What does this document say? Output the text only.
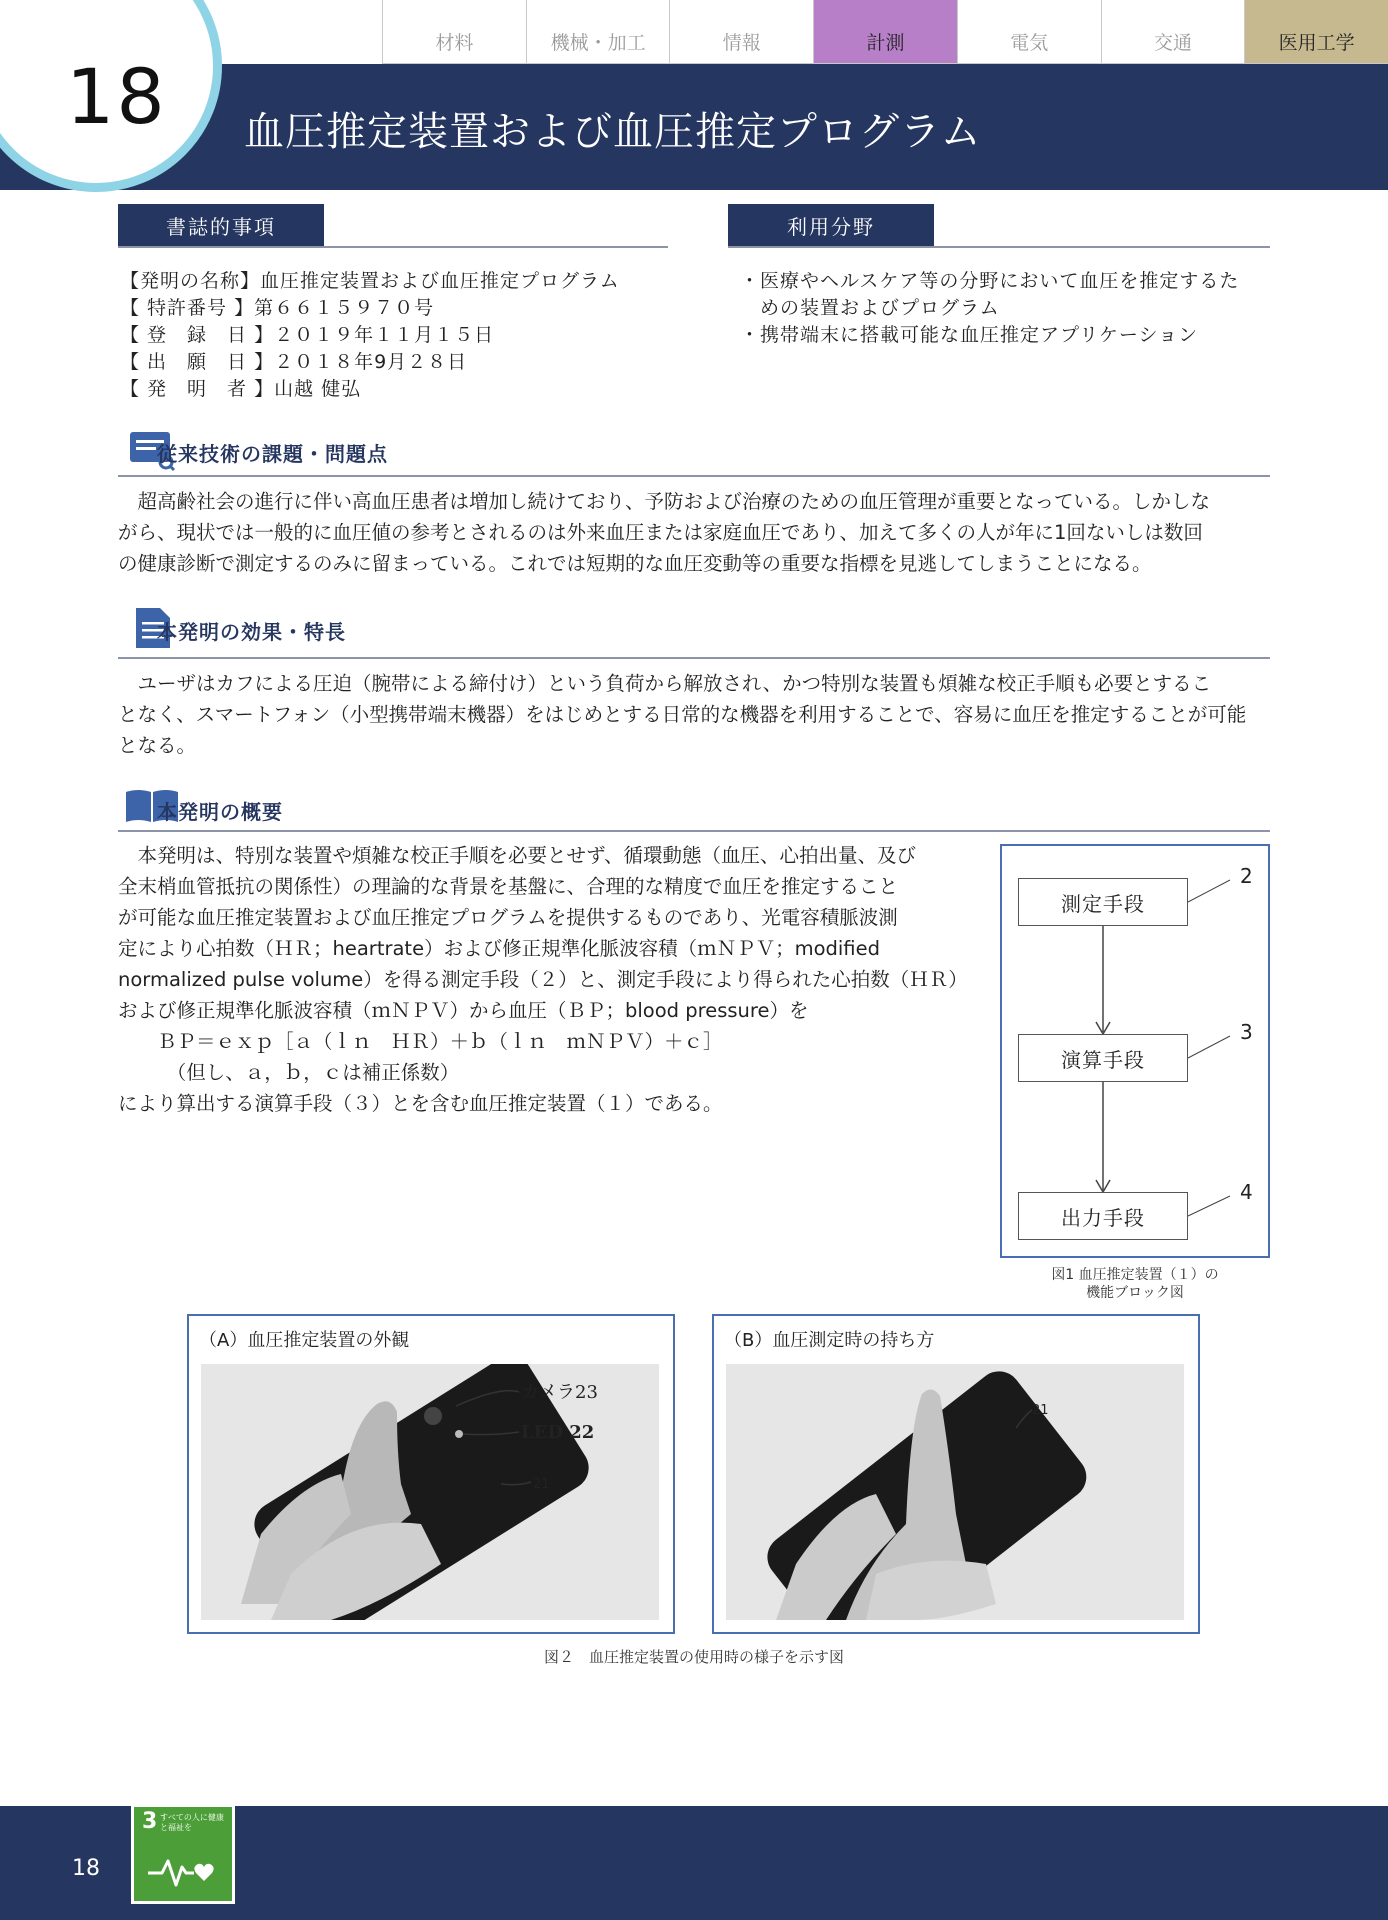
材料	機械・加工	情報	計測	電気	交通	医用工学
18 血圧推定装置および血圧推定プログラム
書誌的事項
【発明の名称】血圧推定装置および血圧推定プログラム
【 特許番号 】第６６１５９７０号
【 登　録　日 】２０１９年１１月１５日
【 出　願　日 】２０１８年9月２８日
【 発　明　者 】山越 健弘
利用分野
・医療やヘルスケア等の分野において血圧を推定するた
　めの装置およびプログラム
・携帯端末に搭載可能な血圧推定アプリケーション
従来技術の課題・問題点
　超高齢社会の進行に伴い高血圧患者は増加し続けており、予防および治療のための血圧管理が重要となっている。しかしな
がら、現状では一般的に血圧値の参考とされるのは外来血圧または家庭血圧であり、加えて多くの人が年に1回ないしは数回
の健康診断で測定するのみに留まっている。これでは短期的な血圧変動等の重要な指標を見逃してしまうことになる。
本発明の効果・特長
　ユーザはカフによる圧迫（腕帯による締付け）という負荷から解放され、かつ特別な装置も煩雑な校正手順も必要とするこ
となく、スマートフォン（小型携帯端末機器）をはじめとする日常的な機器を利用することで、容易に血圧を推定することが可能
となる。
本発明の概要
　本発明は、特別な装置や煩雑な校正手順を必要とせず、循環動態（血圧、心拍出量、及び
全末梢血管抵抗の関係性）の理論的な背景を基盤に、合理的な精度で血圧を推定すること
が可能な血圧推定装置および血圧推定プログラムを提供するものであり、光電容積脈波測
定により心拍数（ＨＲ；heartrate）および修正規準化脈波容積（ｍＮＰＶ；modified
normalized pulse volume）を得る測定手段（２）と、測定手段により得られた心拍数（ＨＲ）
および修正規準化脈波容積（ｍＮＰＶ）から血圧（ＢＰ；blood pressure）を
　　ＢＰ＝ｅｘｐ［ａ（ｌｎ　ＨＲ）＋ｂ（ｌｎ　ｍＮＰＶ）＋ｃ］
　　　（但し、ａ，ｂ，ｃは補正係数）
により算出する演算手段（３）とを含む血圧推定装置（１）である。
測定手段
演算手段
出力手段
2
3
4
図1 血圧推定装置（１）の
機能ブロック図
（A）血圧推定装置の外観
カメラ23
LED 22
21
（B）血圧測定時の持ち方
21
図２　血圧推定装置の使用時の様子を示す図
18
3 すべての人に健康と福祉を
